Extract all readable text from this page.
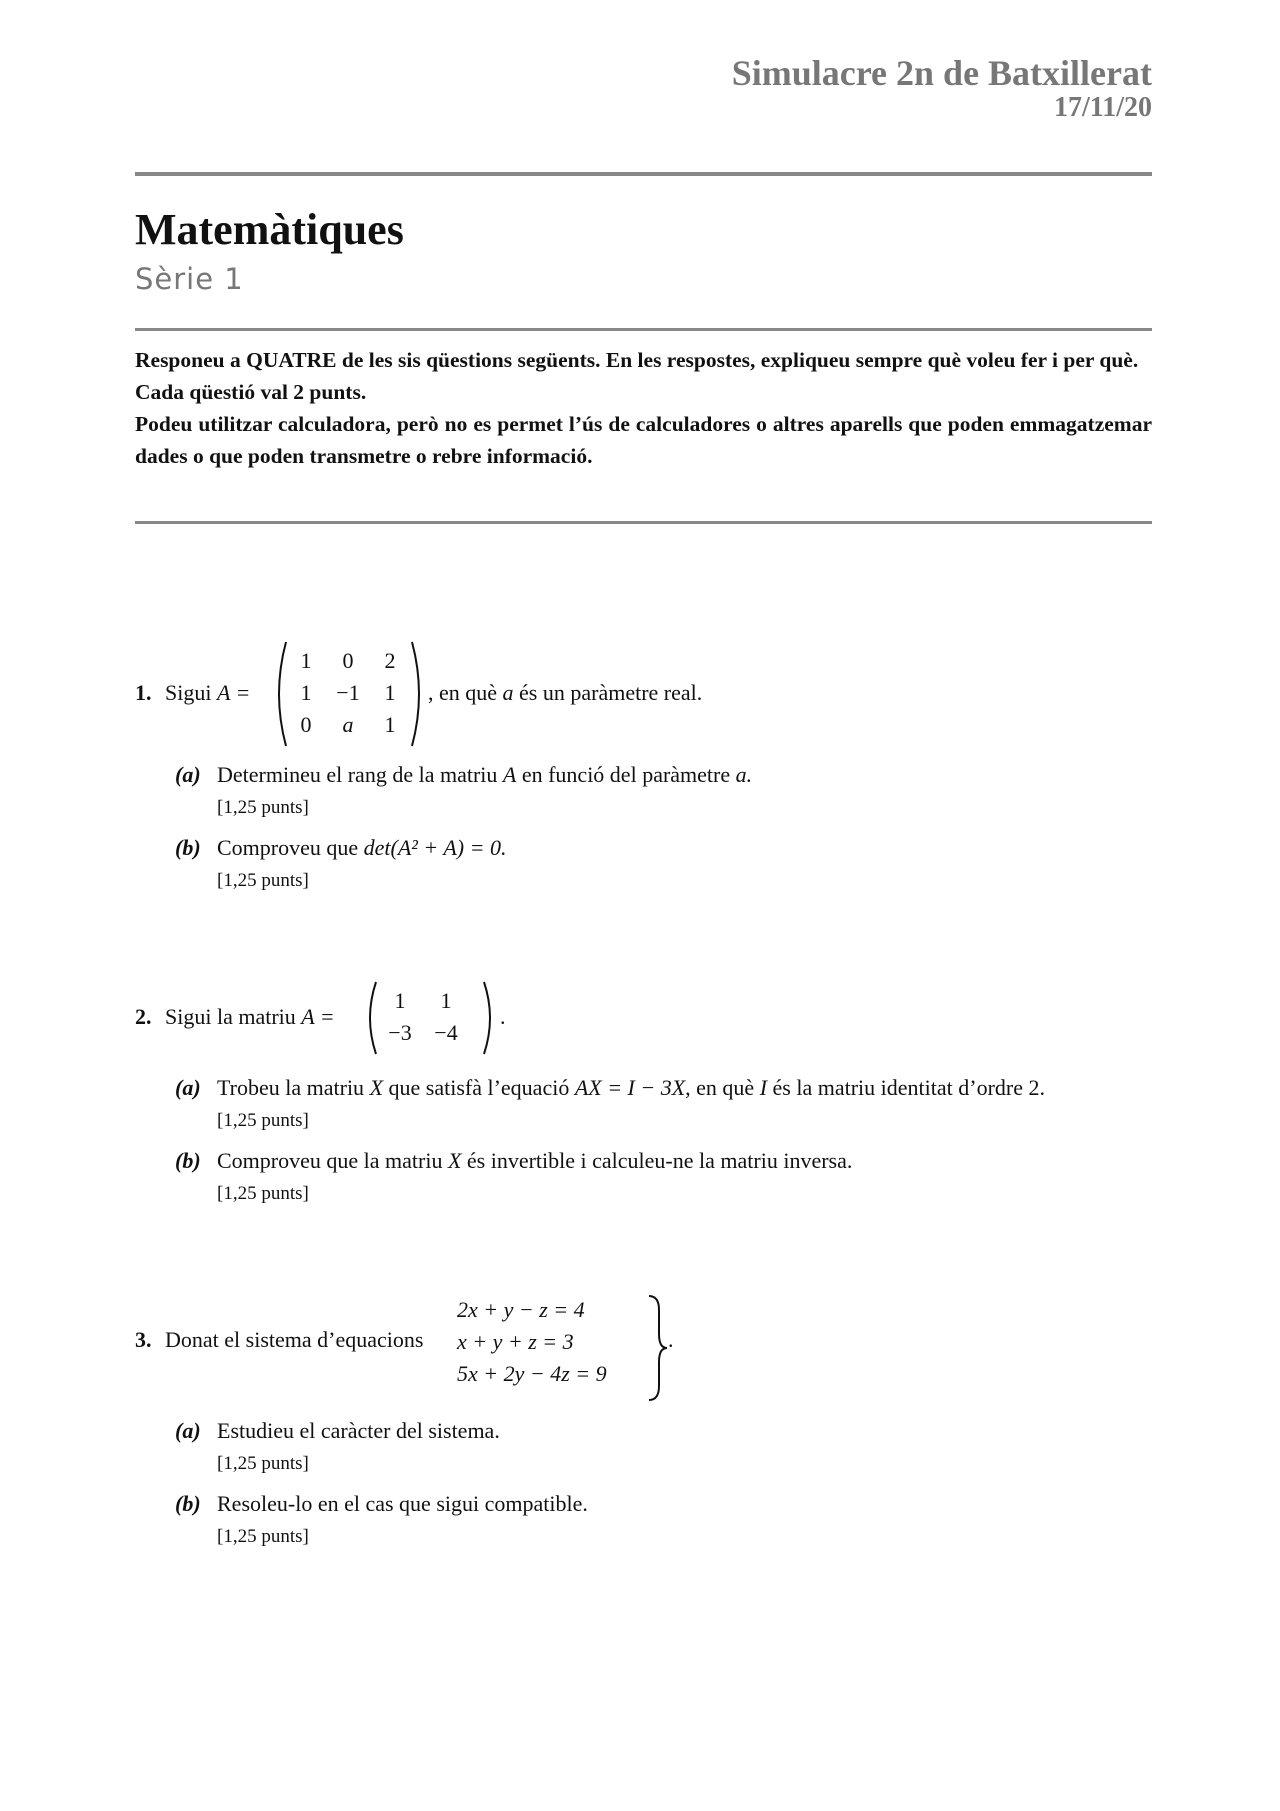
Simulacre 2n de Batxillerat
17/11/20
Matemàtiques
Sèrie 1

Responeu a QUATRE de les sis qüestions següents. En les respostes, expliqueu sempre què voleu fer i per què.

Cada qüestió val 2 punts.

Podeu utilitzar calculadora, però no es permet l’ús de calculadores o altres aparells que poden emmagatzemar dades o que poden transmetre o rebre informació.

1. Sigui A =
1	0	2
1	−1	1
0	a	1
, en què a és un paràmetre real.
(a) Determineu el rang de la matriu A en funció del paràmetre a.
[1,25 punts]
(b) Comproveu que det(A² + A) = 0.
[1,25 punts]
2. Sigui la matriu A =
1	1
−3	−4
.
(a) Trobeu la matriu X que satisfà l’equació AX = I − 3X, en què I és la matriu identitat d’ordre 2.
[1,25 punts]
(b) Comproveu que la matriu X és invertible i calculeu-ne la matriu inversa.
[1,25 punts]
3. Donat el sistema d’equacions
2x + y − z = 4
x + y + z = 3
5x + 2y − 4z = 9
.
(a) Estudieu el caràcter del sistema.
[1,25 punts]
(b) Resoleu-lo en el cas que sigui compatible.
[1,25 punts]
